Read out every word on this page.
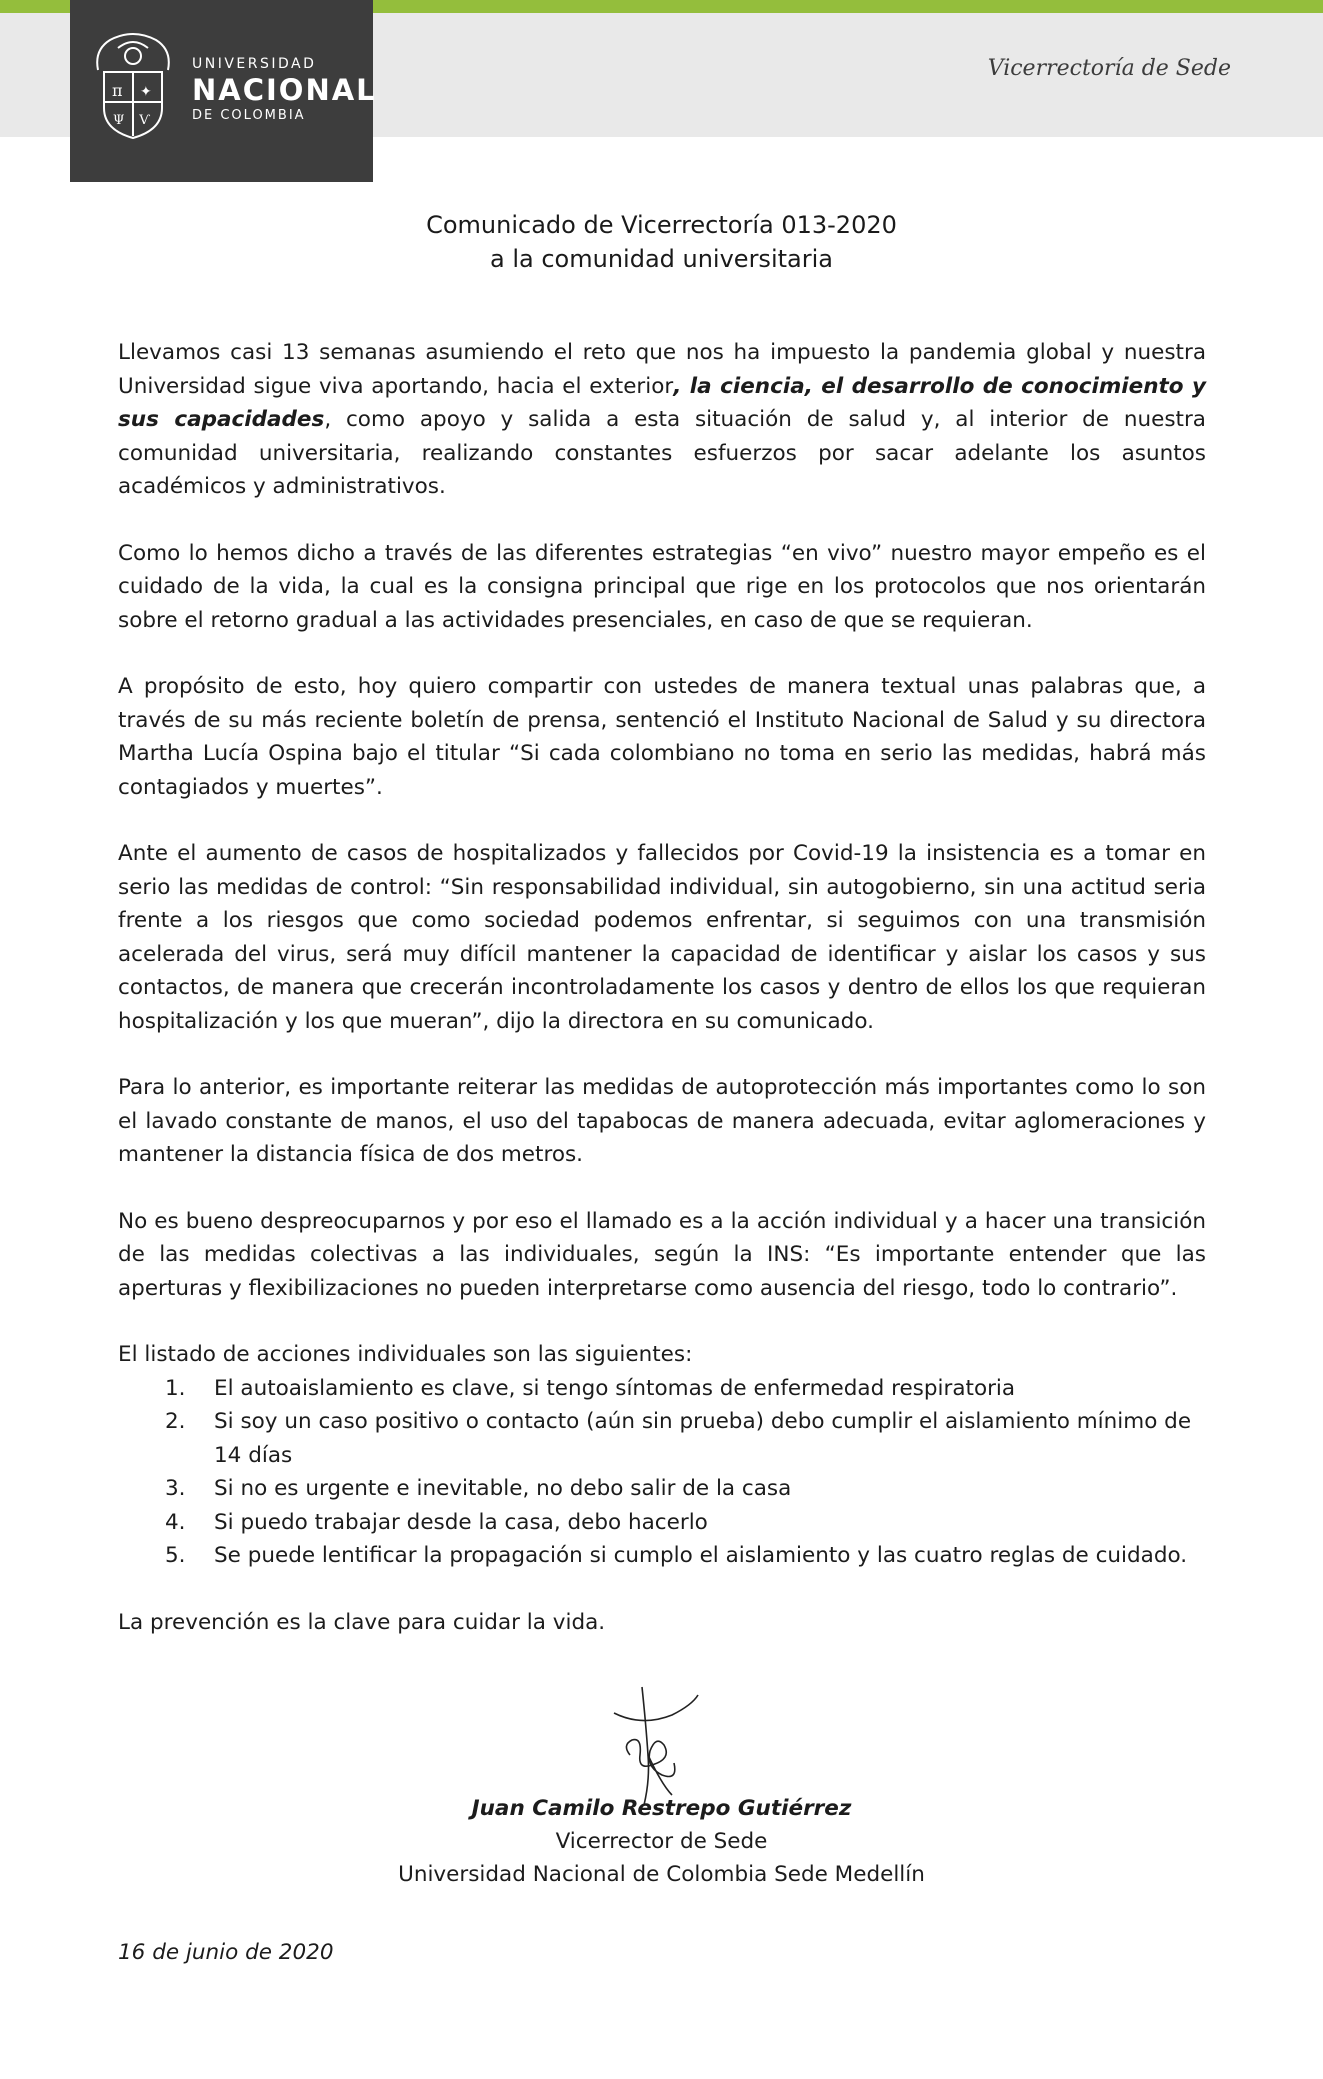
π ✦
Ψ Ѵ
UNIVERSIDAD
NACIONAL
DE COLOMBIA
Vicerrectoría de Sede
Comunicado de Vicerrectoría 013-2020
a la comunidad universitaria

Llevamos casi 13 semanas asumiendo el reto que nos ha impuesto la pandemia global y nuestra Universidad sigue viva aportando, hacia el exterior, la ciencia, el desarrollo de conocimiento y sus capacidades, como apoyo y salida a esta situación de salud y, al interior de nuestra comunidad universitaria, realizando constantes esfuerzos por sacar adelante los asuntos académicos y administrativos.

Como lo hemos dicho a través de las diferentes estrategias “en vivo” nuestro mayor empeño es el cuidado de la vida, la cual es la consigna principal que rige en los protocolos que nos orientarán sobre el retorno gradual a las actividades presenciales, en caso de que se requieran.

A propósito de esto, hoy quiero compartir con ustedes de manera textual unas palabras que, a través de su más reciente boletín de prensa, sentenció el Instituto Nacional de Salud y su directora Martha Lucía Ospina bajo el titular “Si cada colombiano no toma en serio las medidas, habrá más contagiados y muertes”.

Ante el aumento de casos de hospitalizados y fallecidos por Covid-19 la insistencia es a tomar en serio las medidas de control: “Sin responsabilidad individual, sin autogobierno, sin una actitud seria frente a los riesgos que como sociedad podemos enfrentar, si seguimos con una transmisión acelerada del virus, será muy difícil mantener la capacidad de identificar y aislar los casos y sus contactos, de manera que crecerán incontroladamente los casos y dentro de ellos los que requieran hospitalización y los que mueran”, dijo la directora en su comunicado.

Para lo anterior, es importante reiterar las medidas de autoprotección más importantes como lo son el lavado constante de manos, el uso del tapabocas de manera adecuada, evitar aglomeraciones y mantener la distancia física de dos metros.

No es bueno despreocuparnos y por eso el llamado es a la acción individual y a hacer una transición de las medidas colectivas a las individuales, según la INS: “Es importante entender que las aperturas y flexibilizaciones no pueden interpretarse como ausencia del riesgo, todo lo contrario”.

El listado de acciones individuales son las siguientes:

1. El autoaislamiento es clave, si tengo síntomas de enfermedad respiratoria
2. Si soy un caso positivo o contacto (aún sin prueba) debo cumplir el aislamiento mínimo de 14 días
3. Si no es urgente e inevitable, no debo salir de la casa
4. Si puedo trabajar desde la casa, debo hacerlo
5. Se puede lentificar la propagación si cumplo el aislamiento y las cuatro reglas de cuidado.

La prevención es la clave para cuidar la vida.

Juan Camilo Restrepo Gutiérrez
Vicerrector de Sede
Universidad Nacional de Colombia Sede Medellín
16 de junio de 2020
